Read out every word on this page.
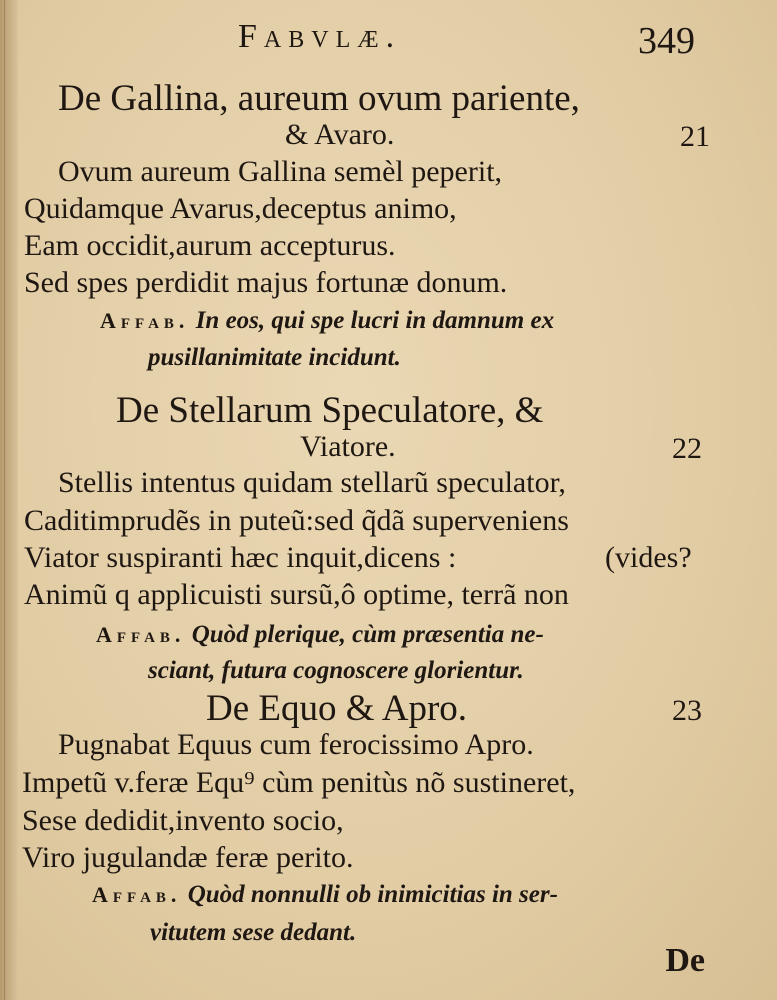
Fabvlæ.	349
De Gallina, aureum ovum pariente,
& Avaro.	21
Ovum aureum Gallina semèl peperit,
Quidamque Avarus,deceptus animo,
Eam occidit,aurum accepturus.
Sed spes perdidit majus fortunæ donum.
Affab. In eos, qui spe lucri in damnum ex
pusillanimitate incidunt.
De Stellarum Speculatore, &
Viatore.	22
Stellis intentus quidam stellarũ speculator,
Caditimprudẽs in puteũ:sed q̃dã superveniens
Viator suspiranti hæc inquit,dicens :	(vides?
Animũ q applicuisti sursũ,ô optime, terrã non
Affab. Quòd plerique, cùm præsentia ne-
sciant, futura cognoscere glorientur.
De Equo & Apro.	23
Pugnabat Equus cum ferocissimo Apro.
Impetũ v.feræ Equ⁹ cùm penitùs nõ sustineret,
Sese dedidit,invento socio,
Viro jugulandæ feræ perito.
Affab. Quòd nonnulli ob inimicitias in ser-
vitutem sese dedant.
De
